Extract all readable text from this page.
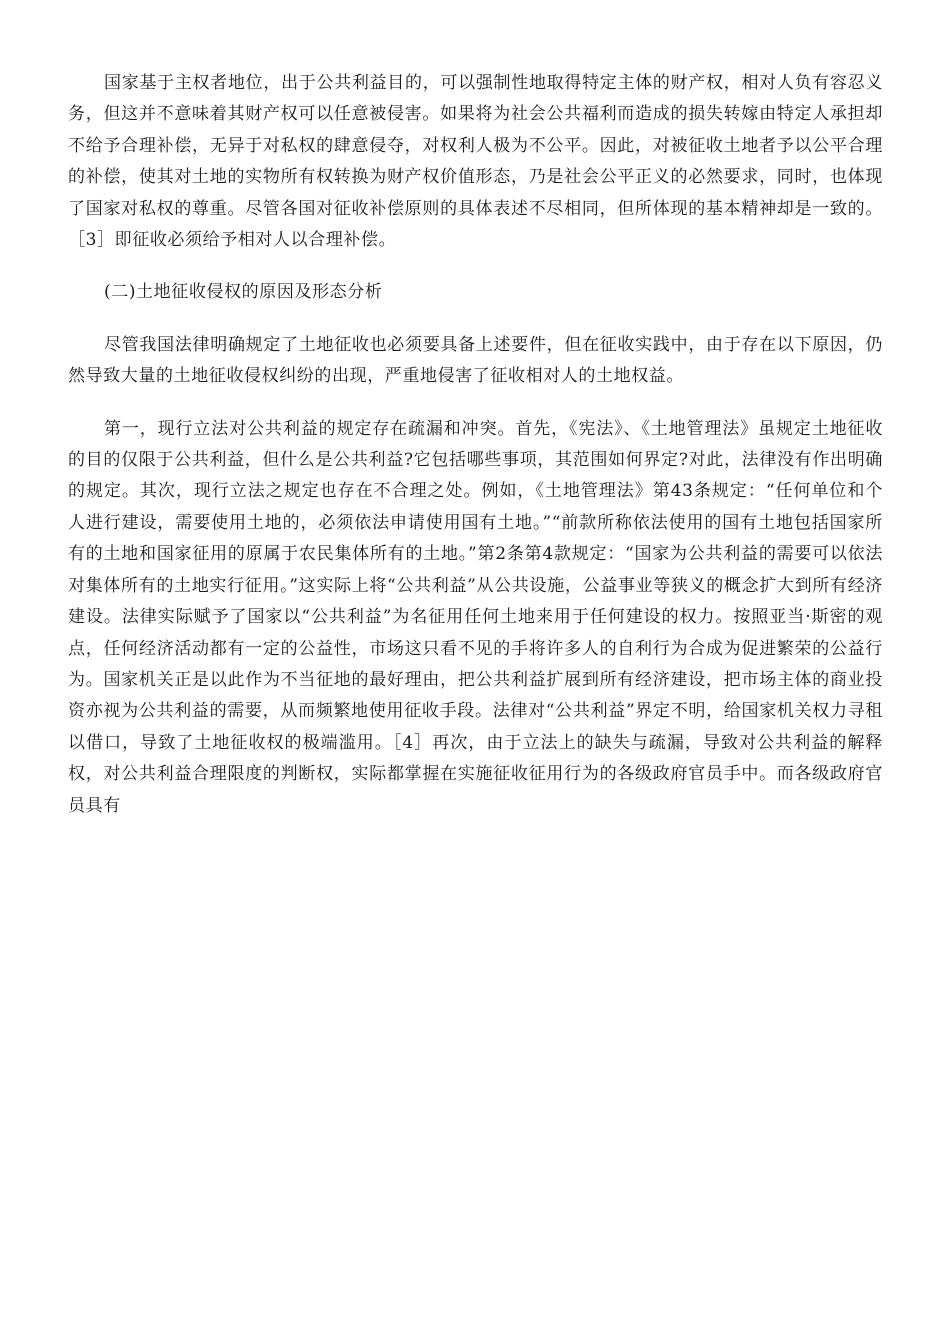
国家基于主权者地位，出于公共利益目的，可以强制性地取得特定主体的财产权，相对人负有容忍义务，但这并不意味着其财产权可以任意被侵害。如果将为社会公共福利而造成的损失转嫁由特定人承担却不给予合理补偿，无异于对私权的肆意侵夺，对权利人极为不公平。因此，对被征收土地者予以公平合理的补偿，使其对土地的实物所有权转换为财产权价值形态，乃是社会公平正义的必然要求，同时，也体现了国家对私权的尊重。尽管各国对征收补偿原则的具体表述不尽相同，但所体现的基本精神却是一致的。［3］即征收必须给予相对人以合理补偿。

(二)土地征收侵权的原因及形态分析

尽管我国法律明确规定了土地征收也必须要具备上述要件，但在征收实践中，由于存在以下原因，仍然导致大量的土地征收侵权纠纷的出现，严重地侵害了征收相对人的土地权益。

第一，现行立法对公共利益的规定存在疏漏和冲突。首先，《宪法》、《土地管理法》虽规定土地征收的目的仅限于公共利益，但什么是公共利益?它包括哪些事项，其范围如何界定?对此，法律没有作出明确的规定。其次，现行立法之规定也存在不合理之处。例如，《土地管理法》第43条规定：“任何单位和个人进行建设，需要使用土地的，必须依法申请使用国有土地。”“前款所称依法使用的国有土地包括国家所有的土地和国家征用的原属于农民集体所有的土地。”第2条第4款规定：“国家为公共利益的需要可以依法对集体所有的土地实行征用。”这实际上将“公共利益”从公共设施，公益事业等狭义的概念扩大到所有经济建设。法律实际赋予了国家以“公共利益”为名征用任何土地来用于任何建设的权力。按照亚当·斯密的观点，任何经济活动都有一定的公益性，市场这只看不见的手将许多人的自利行为合成为促进繁荣的公益行为。国家机关正是以此作为不当征地的最好理由，把公共利益扩展到所有经济建设，把市场主体的商业投资亦视为公共利益的需要，从而频繁地使用征收手段。法律对“公共利益”界定不明，给国家机关权力寻租以借口，导致了土地征收权的极端滥用。［4］再次，由于立法上的缺失与疏漏，导致对公共利益的解释权，对公共利益合理限度的判断权，实际都掌握在实施征收征用行为的各级政府官员手中。而各级政府官员具有
